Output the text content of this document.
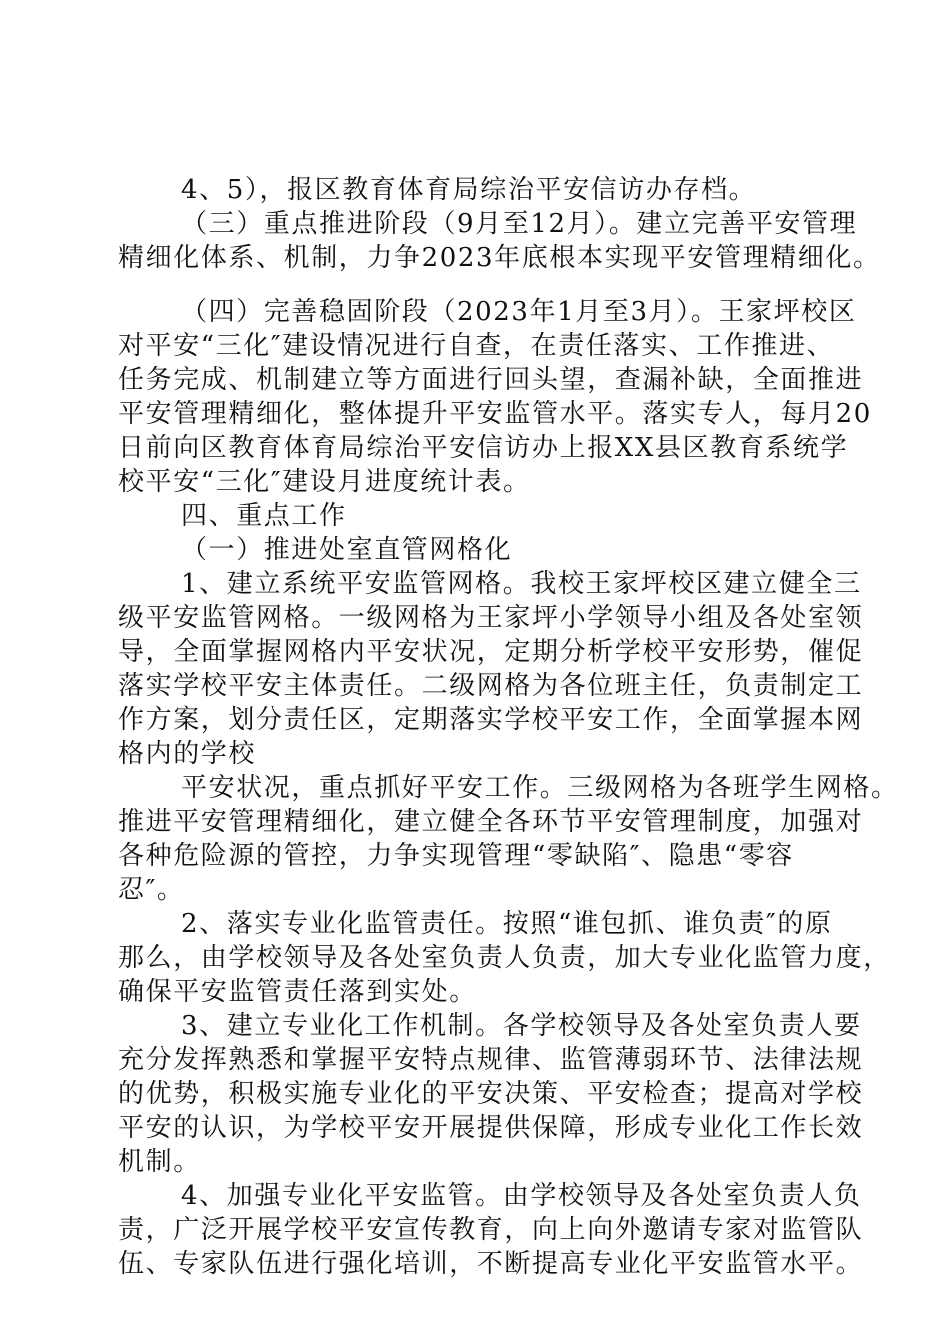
4、5），报区教育体育局综治平安信访办存档。

（三）重点推进阶段（9月至12月）。建立完善平安管理

精细化体系、机制，力争2023年底根本实现平安管理精细化。

（四）完善稳固阶段（2023年1月至3月）。王家坪校区

对平安“三化″建设情况进行自查，在责任落实、工作推进、

任务完成、机制建立等方面进行回头望，查漏补缺，全面推进

平安管理精细化，整体提升平安监管水平。落实专人，每月20

日前向区教育体育局综治平安信访办上报XX县区教育系统学

校平安“三化″建设月进度统计表。

四、重点工作

（一）推进处室直管网格化

1、建立系统平安监管网格。我校王家坪校区建立健全三

级平安监管网格。一级网格为王家坪小学领导小组及各处室领

导，全面掌握网格内平安状况，定期分析学校平安形势，催促

落实学校平安主体责任。二级网格为各位班主任，负责制定工

作方案，划分责任区，定期落实学校平安工作，全面掌握本网

格内的学校

平安状况，重点抓好平安工作。三级网格为各班学生网格。

推进平安管理精细化，建立健全各环节平安管理制度，加强对

各种危险源的管控，力争实现管理“零缺陷″、隐患“零容

忍″。

2、落实专业化监管责任。按照“谁包抓、谁负责″的原

那么，由学校领导及各处室负责人负责，加大专业化监管力度，

确保平安监管责任落到实处。

3、建立专业化工作机制。各学校领导及各处室负责人要

充分发挥熟悉和掌握平安特点规律、监管薄弱环节、法律法规

的优势，积极实施专业化的平安决策、平安检查；提高对学校

平安的认识，为学校平安开展提供保障，形成专业化工作长效

机制。

4、加强专业化平安监管。由学校领导及各处室负责人负

责，广泛开展学校平安宣传教育，向上向外邀请专家对监管队

伍、专家队伍进行强化培训，不断提高专业化平安监管水平。
